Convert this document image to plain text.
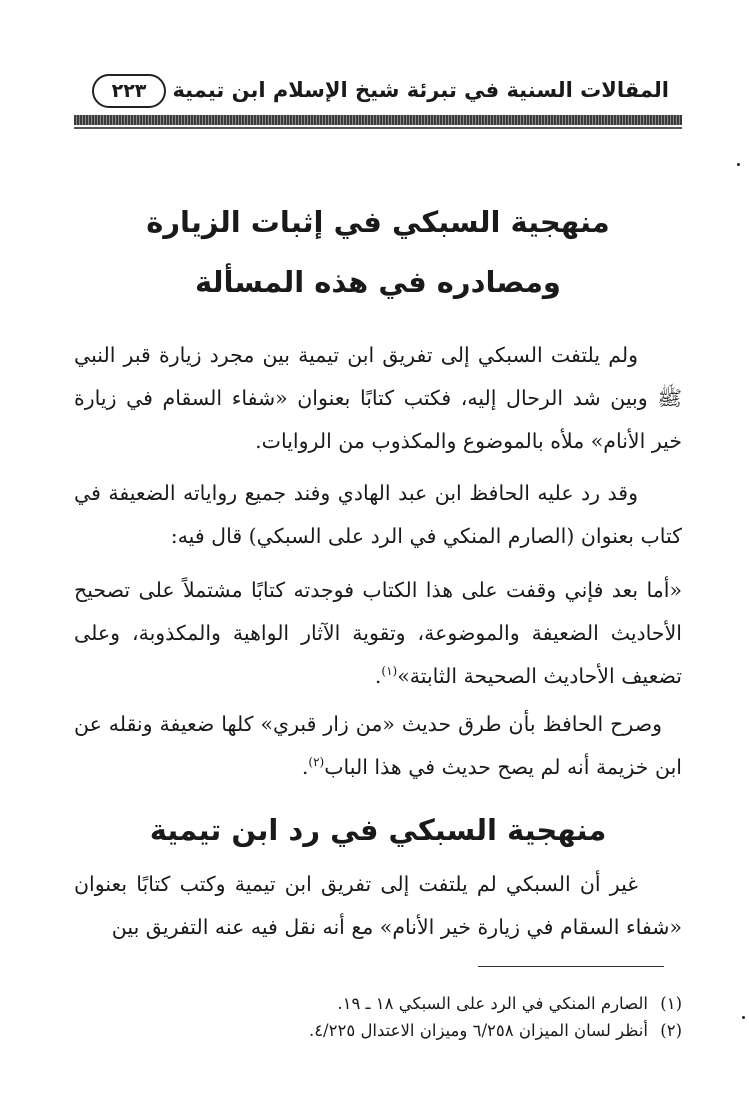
٢٢٣ المقالات السنية في تبرئة شيخ الإسلام ابن تيمية
منهجية السبكي في إثبات الزيارة
ومصادره في هذه المسألة
ولم يلتفت السبكي إلى تفريق ابن تيمية بين مجرد زيارة قبر النبي ﷺ وبين شد الرحال إليه، فكتب كتابًا بعنوان «شفاء السقام في زيارة خير الأنام» ملأه بالموضوع والمكذوب من الروايات.
وقد رد عليه الحافظ ابن عبد الهادي وفند جميع رواياته الضعيفة في كتاب بعنوان (الصارم المنكي في الرد على السبكي) قال فيه:
«أما بعد فإني وقفت على هذا الكتاب فوجدته كتابًا مشتملاً على تصحيح الأحاديث الضعيفة والموضوعة، وتقوية الآثار الواهية والمكذوبة، وعلى تضعيف الأحاديث الصحيحة الثابتة»$^{(١)}$.
وصرح الحافظ بأن طرق حديث «من زار قبري» كلها ضعيفة ونقله عن ابن خزيمة أنه لم يصح حديث في هذا الباب$^{(٢)}$.
منهجية السبكي في رد ابن تيمية
غير أن السبكي لم يلتفت إلى تفريق ابن تيمية وكتب كتابًا بعنوان «شفاء السقام في زيارة خير الأنام» مع أنه نقل فيه عنه التفريق بين
(١)الصارم المنكي في الرد على السبكي ١٨ ـ ١٩.
(٢)أنظر لسان الميزان ٦/٢٥٨ وميزان الاعتدال ٤/٢٢٥.
